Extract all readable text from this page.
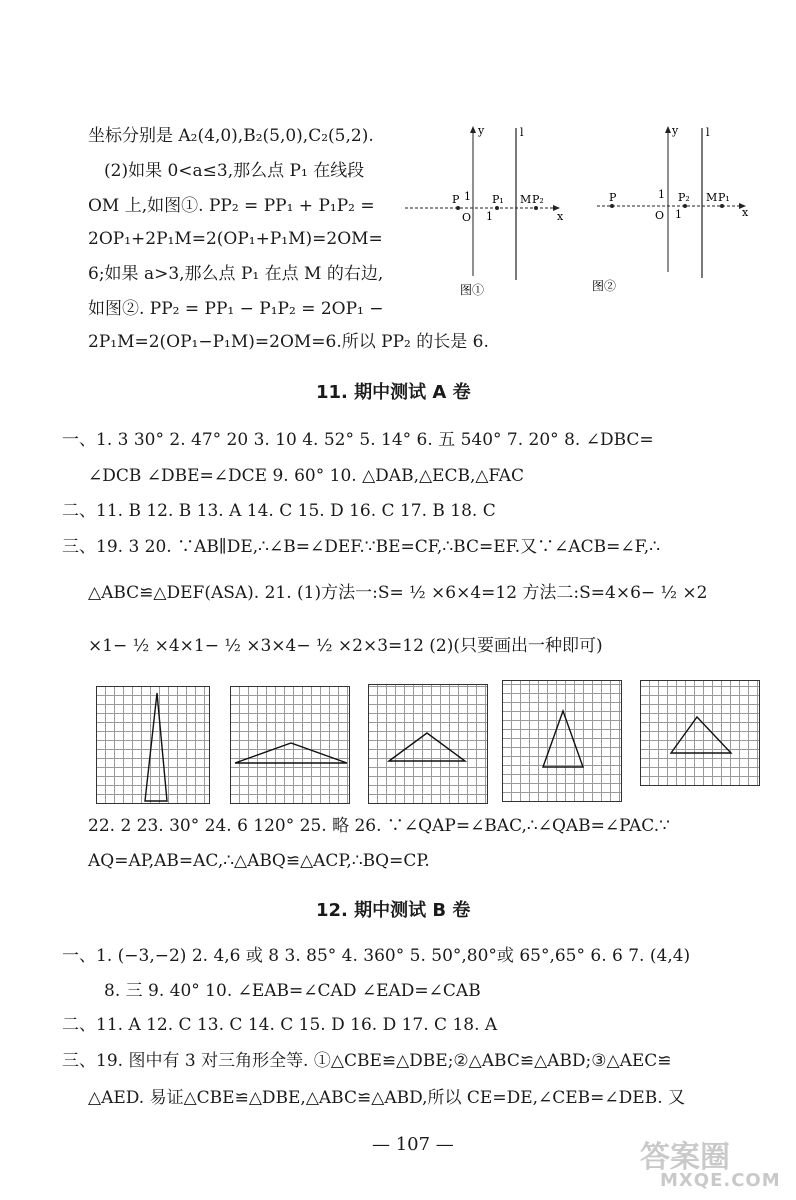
坐标分别是 A₂(4,0),B₂(5,0),C₂(5,2).
(2)如果 0<a≤3,那么点 P₁ 在线段
OM 上,如图①. PP₂ = PP₁ + P₁P₂ =
2OP₁+2P₁M=2(OP₁+P₁M)=2OM=
6;如果 a>3,那么点 P₁ 在点 M 的右边,
如图②. PP₂ = PP₁ − P₁P₂ = 2OP₁ −
2P₁M=2(OP₁−P₁M)=2OM=6.所以 PP₂ 的长是 6.
y
x
l
O
1
1
P	P₁ M P₂
图①
y
x
l
O
1
1
P	P₂ M P₁
图②
11. 期中测试 A 卷
一、1. 3 30° 2. 47° 20 3. 10 4. 52° 5. 14° 6. 五 540° 7. 20° 8. ∠DBC=
∠DCB ∠DBE=∠DCE 9. 60° 10. △DAB,△ECB,△FAC
二、11. B 12. B 13. A 14. C 15. D 16. C 17. B 18. C
三、19. 3 20. ∵AB∥DE,∴∠B=∠DEF.∵BE=CF,∴BC=EF.又∵∠ACB=∠F,∴
△ABC≌△DEF(ASA). 21. (1)方法一:S= ½ ×6×4=12 方法二:S=4×6− ½ ×2
×1− ½ ×4×1− ½ ×3×4− ½ ×2×3=12 (2)(只要画出一种即可)
22. 2 23. 30° 24. 6 120° 25. 略 26. ∵∠QAP=∠BAC,∴∠QAB=∠PAC.∵
AQ=AP,AB=AC,∴△ABQ≌△ACP,∴BQ=CP.
12. 期中测试 B 卷
一、1. (−3,−2) 2. 4,6 或 8 3. 85° 4. 360° 5. 50°,80°或 65°,65° 6. 6 7. (4,4)
8. 三 9. 40° 10. ∠EAB=∠CAD ∠EAD=∠CAB
二、11. A 12. C 13. C 14. C 15. D 16. D 17. C 18. A
三、19. 图中有 3 对三角形全等. ①△CBE≌△DBE;②△ABC≌△ABD;③△AEC≌
△AED. 易证△CBE≌△DBE,△ABC≌△ABD,所以 CE=DE,∠CEB=∠DEB. 又
— 107 —	答案圈
MXQE.COM
